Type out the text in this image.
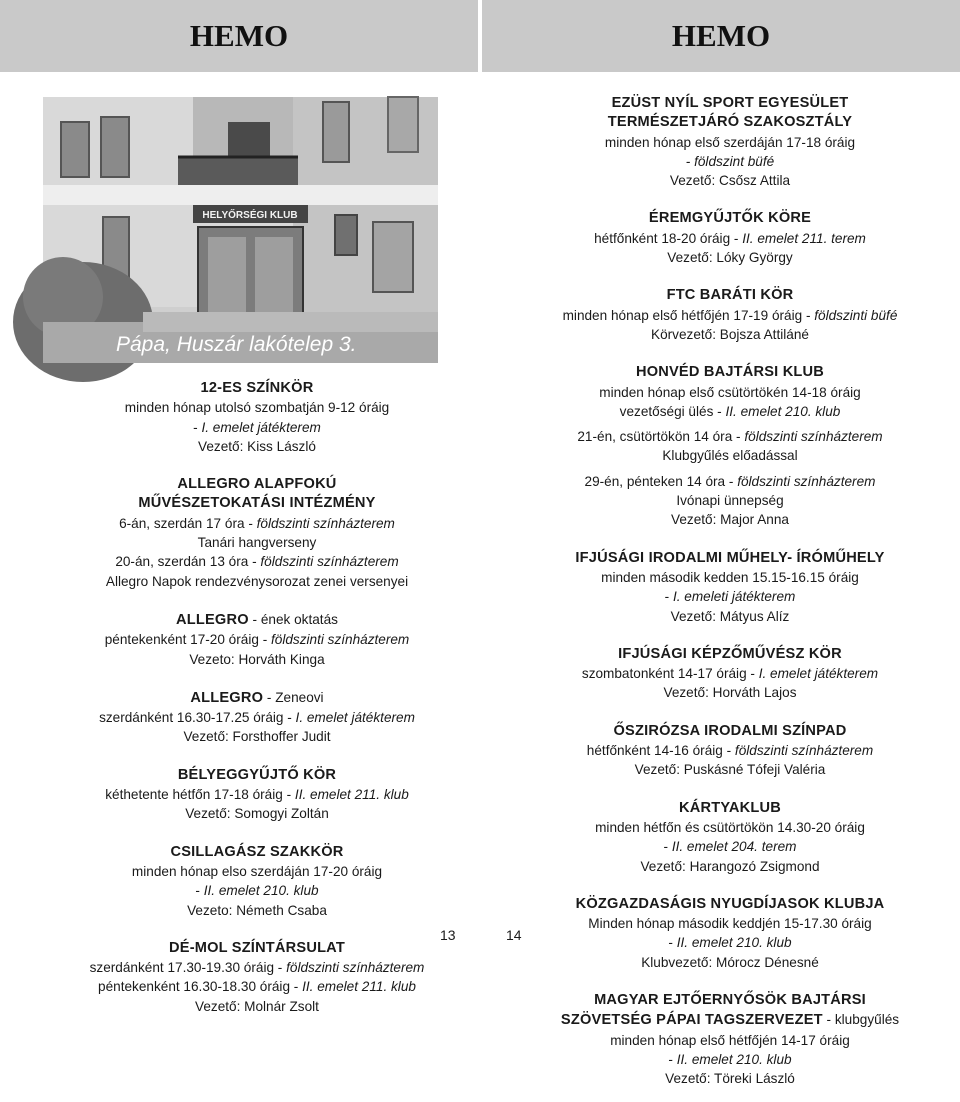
HEMO	HEMO
HELYŐRSÉGI KLUB
Pápa, Huszár lakótelep 3.
12-ES SZÍNKÖR
minden hónap utolsó szombatján 9-12 óráig
- I. emelet játékterem
Vezető: Kiss László
ALLEGRO ALAPFOKÚ
MŰVÉSZETOKATÁSI INTÉZMÉNY
6-án, szerdán 17 óra - földszinti színházterem
Tanári hangverseny
20-án, szerdán 13 óra - földszinti színházterem
Allegro Napok rendezvénysorozat zenei versenyei
ALLEGRO - ének oktatás
péntekenként 17-20 óráig - földszinti színházterem
Vezeto: Horváth Kinga
ALLEGRO - Zeneovi
szerdánként 16.30-17.25 óráig - I. emelet játékterem
Vezető: Forsthoffer Judit
BÉLYEGGYŰJTŐ KÖR
kéthetente hétfőn 17-18 óráig - II. emelet 211. klub
Vezető: Somogyi Zoltán
CSILLAGÁSZ SZAKKÖR
minden hónap elso szerdáján 17-20 óráig
- II. emelet 210. klub
Vezeto: Németh Csaba
DÉ-MOL SZÍNTÁRSULAT
szerdánként 17.30-19.30 óráig - földszinti színházterem
péntekenként 16.30-18.30 óráig - II. emelet 211. klub
Vezető: Molnár Zsolt
13	14
EZÜST NYÍL SPORT EGYESÜLET
TERMÉSZETJÁRÓ SZAKOSZTÁLY
minden hónap első szerdáján 17-18 óráig
- földszint büfé
Vezető: Csősz Attila
ÉREMGYŰJTŐK KÖRE
hétfőnként 18-20 óráig - II. emelet 211. terem
Vezető: Lóky György
FTC BARÁTI KÖR
minden hónap első hétfőjén 17-19 óráig - földszinti büfé
Körvezető: Bojsza Attiláné
HONVÉD BAJTÁRSI KLUB
minden hónap első csütörtökén 14-18 óráig
vezetőségi ülés - II. emelet 210. klub
21-én, csütörtökön 14 óra - földszinti színházterem
Klubgyűlés előadással
29-én, pénteken 14 óra - földszinti színházterem
Ivónapi ünnepség
Vezető: Major Anna
IFJÚSÁGI IRODALMI MŰHELY- ÍRÓMŰHELY
minden második kedden 15.15-16.15 óráig
- I. emeleti játékterem
Vezető: Mátyus Alíz
IFJÚSÁGI KÉPZŐMŰVÉSZ KÖR
szombatonként 14-17 óráig - I. emelet játékterem
Vezető: Horváth Lajos
ŐSZIRÓZSA IRODALMI SZÍNPAD
hétfőnként 14-16 óráig - földszinti színházterem
Vezető: Puskásné Tófeji Valéria
KÁRTYAKLUB
minden hétfőn és csütörtökön 14.30-20 óráig
- II. emelet 204. terem
Vezető: Harangozó Zsigmond
KÖZGAZDASÁGIS NYUGDÍJASOK KLUBJA
Minden hónap második keddjén 15-17.30 óráig
- II. emelet 210. klub
Klubvezető: Mórocz Dénesné
MAGYAR EJTŐERNYŐSÖK BAJTÁRSI
SZÖVETSÉG PÁPAI TAGSZERVEZET - klubgyűlés
minden hónap első hétfőjén 14-17 óráig
- II. emelet 210. klub
Vezető: Töreki László
